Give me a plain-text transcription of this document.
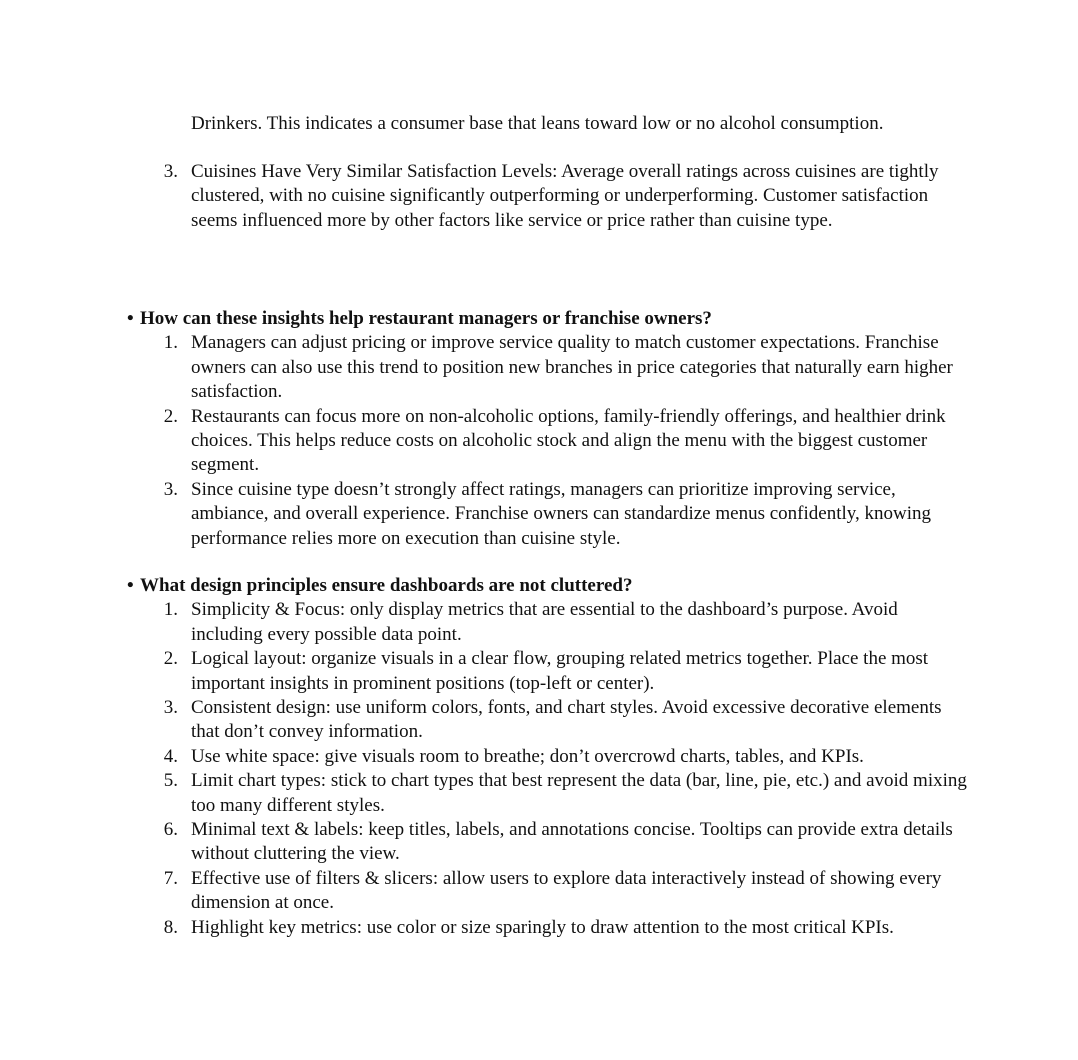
Drinkers. This indicates a consumer base that leans toward low or no alcohol consumption.

3. Cuisines Have Very Similar Satisfaction Levels: Average overall ratings across cuisines are tightly clustered, with no cuisine significantly outperforming or underperforming. Customer satisfaction seems influenced more by other factors like service or price rather than cuisine type.
• How can these insights help restaurant managers or franchise owners?
1. Managers can adjust pricing or improve service quality to match customer expectations. Franchise owners can also use this trend to position new branches in price categories that naturally earn higher satisfaction.
2. Restaurants can focus more on non-alcoholic options, family-friendly offerings, and healthier drink choices. This helps reduce costs on alcoholic stock and align the menu with the biggest customer segment.
3. Since cuisine type doesn’t strongly affect ratings, managers can prioritize improving service, ambiance, and overall experience. Franchise owners can standardize menus confidently, knowing performance relies more on execution than cuisine style.
• What design principles ensure dashboards are not cluttered?
1. Simplicity & Focus: only display metrics that are essential to the dashboard’s purpose. Avoid including every possible data point.
2. Logical layout: organize visuals in a clear flow, grouping related metrics together. Place the most important insights in prominent positions (top-left or center).
3. Consistent design: use uniform colors, fonts, and chart styles. Avoid excessive decorative elements that don’t convey information.
4. Use white space: give visuals room to breathe; don’t overcrowd charts, tables, and KPIs.
5. Limit chart types: stick to chart types that best represent the data (bar, line, pie, etc.) and avoid mixing too many different styles.
6. Minimal text & labels: keep titles, labels, and annotations concise. Tooltips can provide extra details without cluttering the view.
7. Effective use of filters & slicers: allow users to explore data interactively instead of showing every dimension at once.
8. Highlight key metrics: use color or size sparingly to draw attention to the most critical KPIs.
